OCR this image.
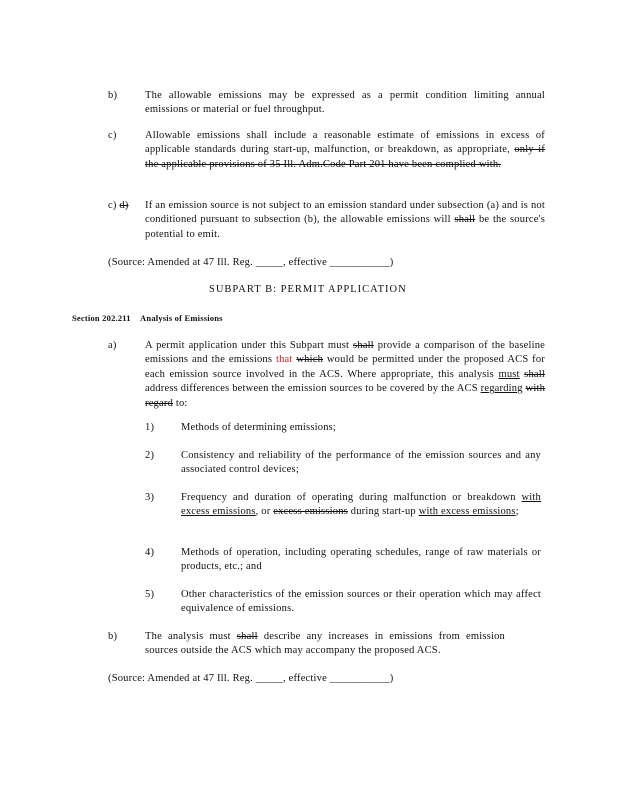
b)	The allowable emissions may be expressed as a permit condition limiting annual emissions or material or fuel throughput.
c)	Allowable emissions shall include a reasonable estimate of emissions in excess of applicable standards during start-up, malfunction, or breakdown, as appropriate, only if the applicable provisions of 35 Ill. Adm.Code Part 201 have been complied with.
c) d) If an emission source is not subject to an emission standard under subsection (a) and is not conditioned pursuant to subsection (b), the allowable emissions will shall be the source's potential to emit.
(Source: Amended at 47 Ill. Reg. _____, effective ___________)
SUBPART B: PERMIT APPLICATION
Section 202.211 Analysis of Emissions
a)	A permit application under this Subpart must shall provide a comparison of the baseline emissions and the emissions that which would be permitted under the proposed ACS for each emission source involved in the ACS. Where appropriate, this analysis must shall address differences between the emission sources to be covered by the ACS regarding with regard to:
1)	Methods of determining emissions;
2)	Consistency and reliability of the performance of the emission sources and any associated control devices;
3)	Frequency and duration of operating during malfunction or breakdown with excess emissions, or excess emissions during start-up with excess emissions;
4)	Methods of operation, including operating schedules, range of raw materials or products, etc.; and
5)	Other characteristics of the emission sources or their operation which may affect equivalence of emissions.
b)	The analysis must shall describe any increases in emissions from emission sources outside the ACS which may accompany the proposed ACS.
(Source: Amended at 47 Ill. Reg. _____, effective ___________)
